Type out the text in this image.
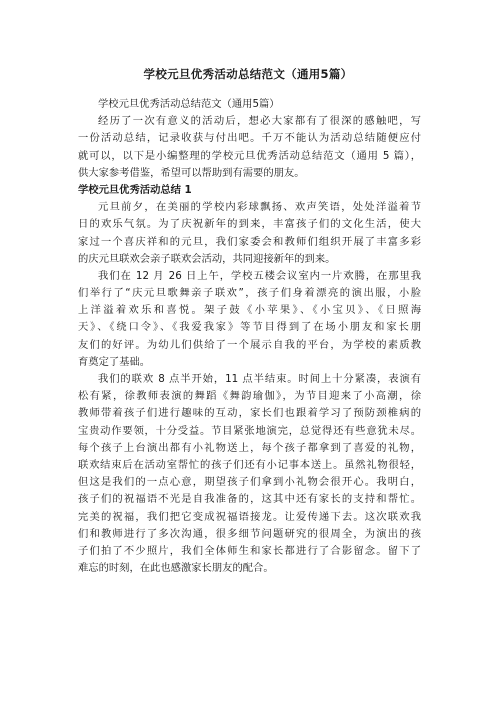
学校元旦优秀活动总结范文（通用5篇）
学校元旦优秀活动总结范文（通用5篇）
经历了一次有意义的活动后，想必大家都有了很深的感触吧，写
一份活动总结，记录收获与付出吧。千万不能认为活动总结随便应付
就可以，以下是小编整理的学校元旦优秀活动总结范文（通用 5 篇），
供大家参考借鉴，希望可以帮助到有需要的朋友。
学校元旦优秀活动总结 1
元旦前夕，在美丽的学校内彩球飘扬、欢声笑语，处处洋溢着节
日的欢乐气氛。为了庆祝新年的到来，丰富孩子们的文化生活，使大
家过一个喜庆祥和的元旦，我们家委会和教师们组织开展了丰富多彩
的庆元旦联欢会亲子联欢会活动，共同迎接新年的到来。
我们在 12 月 26 日上午，学校五楼会议室内一片欢腾，在那里我
们举行了“庆元旦歌舞亲子联欢”，孩子们身着漂亮的演出服，小脸
上洋溢着欢乐和喜悦。架子鼓《小苹果》、《小宝贝》、《日照海
天》、《绕口令》、《我爱我家》等节目得到了在场小朋友和家长朋
友们的好评。为幼儿们供给了一个展示自我的平台，为学校的素质教
育奠定了基础。
我们的联欢 8 点半开始，11 点半结束。时间上十分紧凑，表演有
松有紧，徐教师表演的舞蹈《舞韵瑜伽》，为节目迎来了小高潮，徐
教师带着孩子们进行趣味的互动，家长们也跟着学习了预防颈椎病的
宝贵动作要领，十分受益。节目紧张地演完，总觉得还有些意犹未尽。
每个孩子上台演出都有小礼物送上，每个孩子都拿到了喜爱的礼物，
联欢结束后在活动室帮忙的孩子们还有小记事本送上。虽然礼物很轻，
但这是我们的一点心意，期望孩子们拿到小礼物会很开心。我明白，
孩子们的祝福语不光是自我准备的，这其中还有家长的支持和帮忙。
完美的祝福，我们把它变成祝福语接龙。让爱传递下去。这次联欢我
们和教师进行了多次沟通，很多细节问题研究的很周全，为演出的孩
子们拍了不少照片，我们全体师生和家长都进行了合影留念。留下了
难忘的时刻，在此也感激家长朋友的配合。
